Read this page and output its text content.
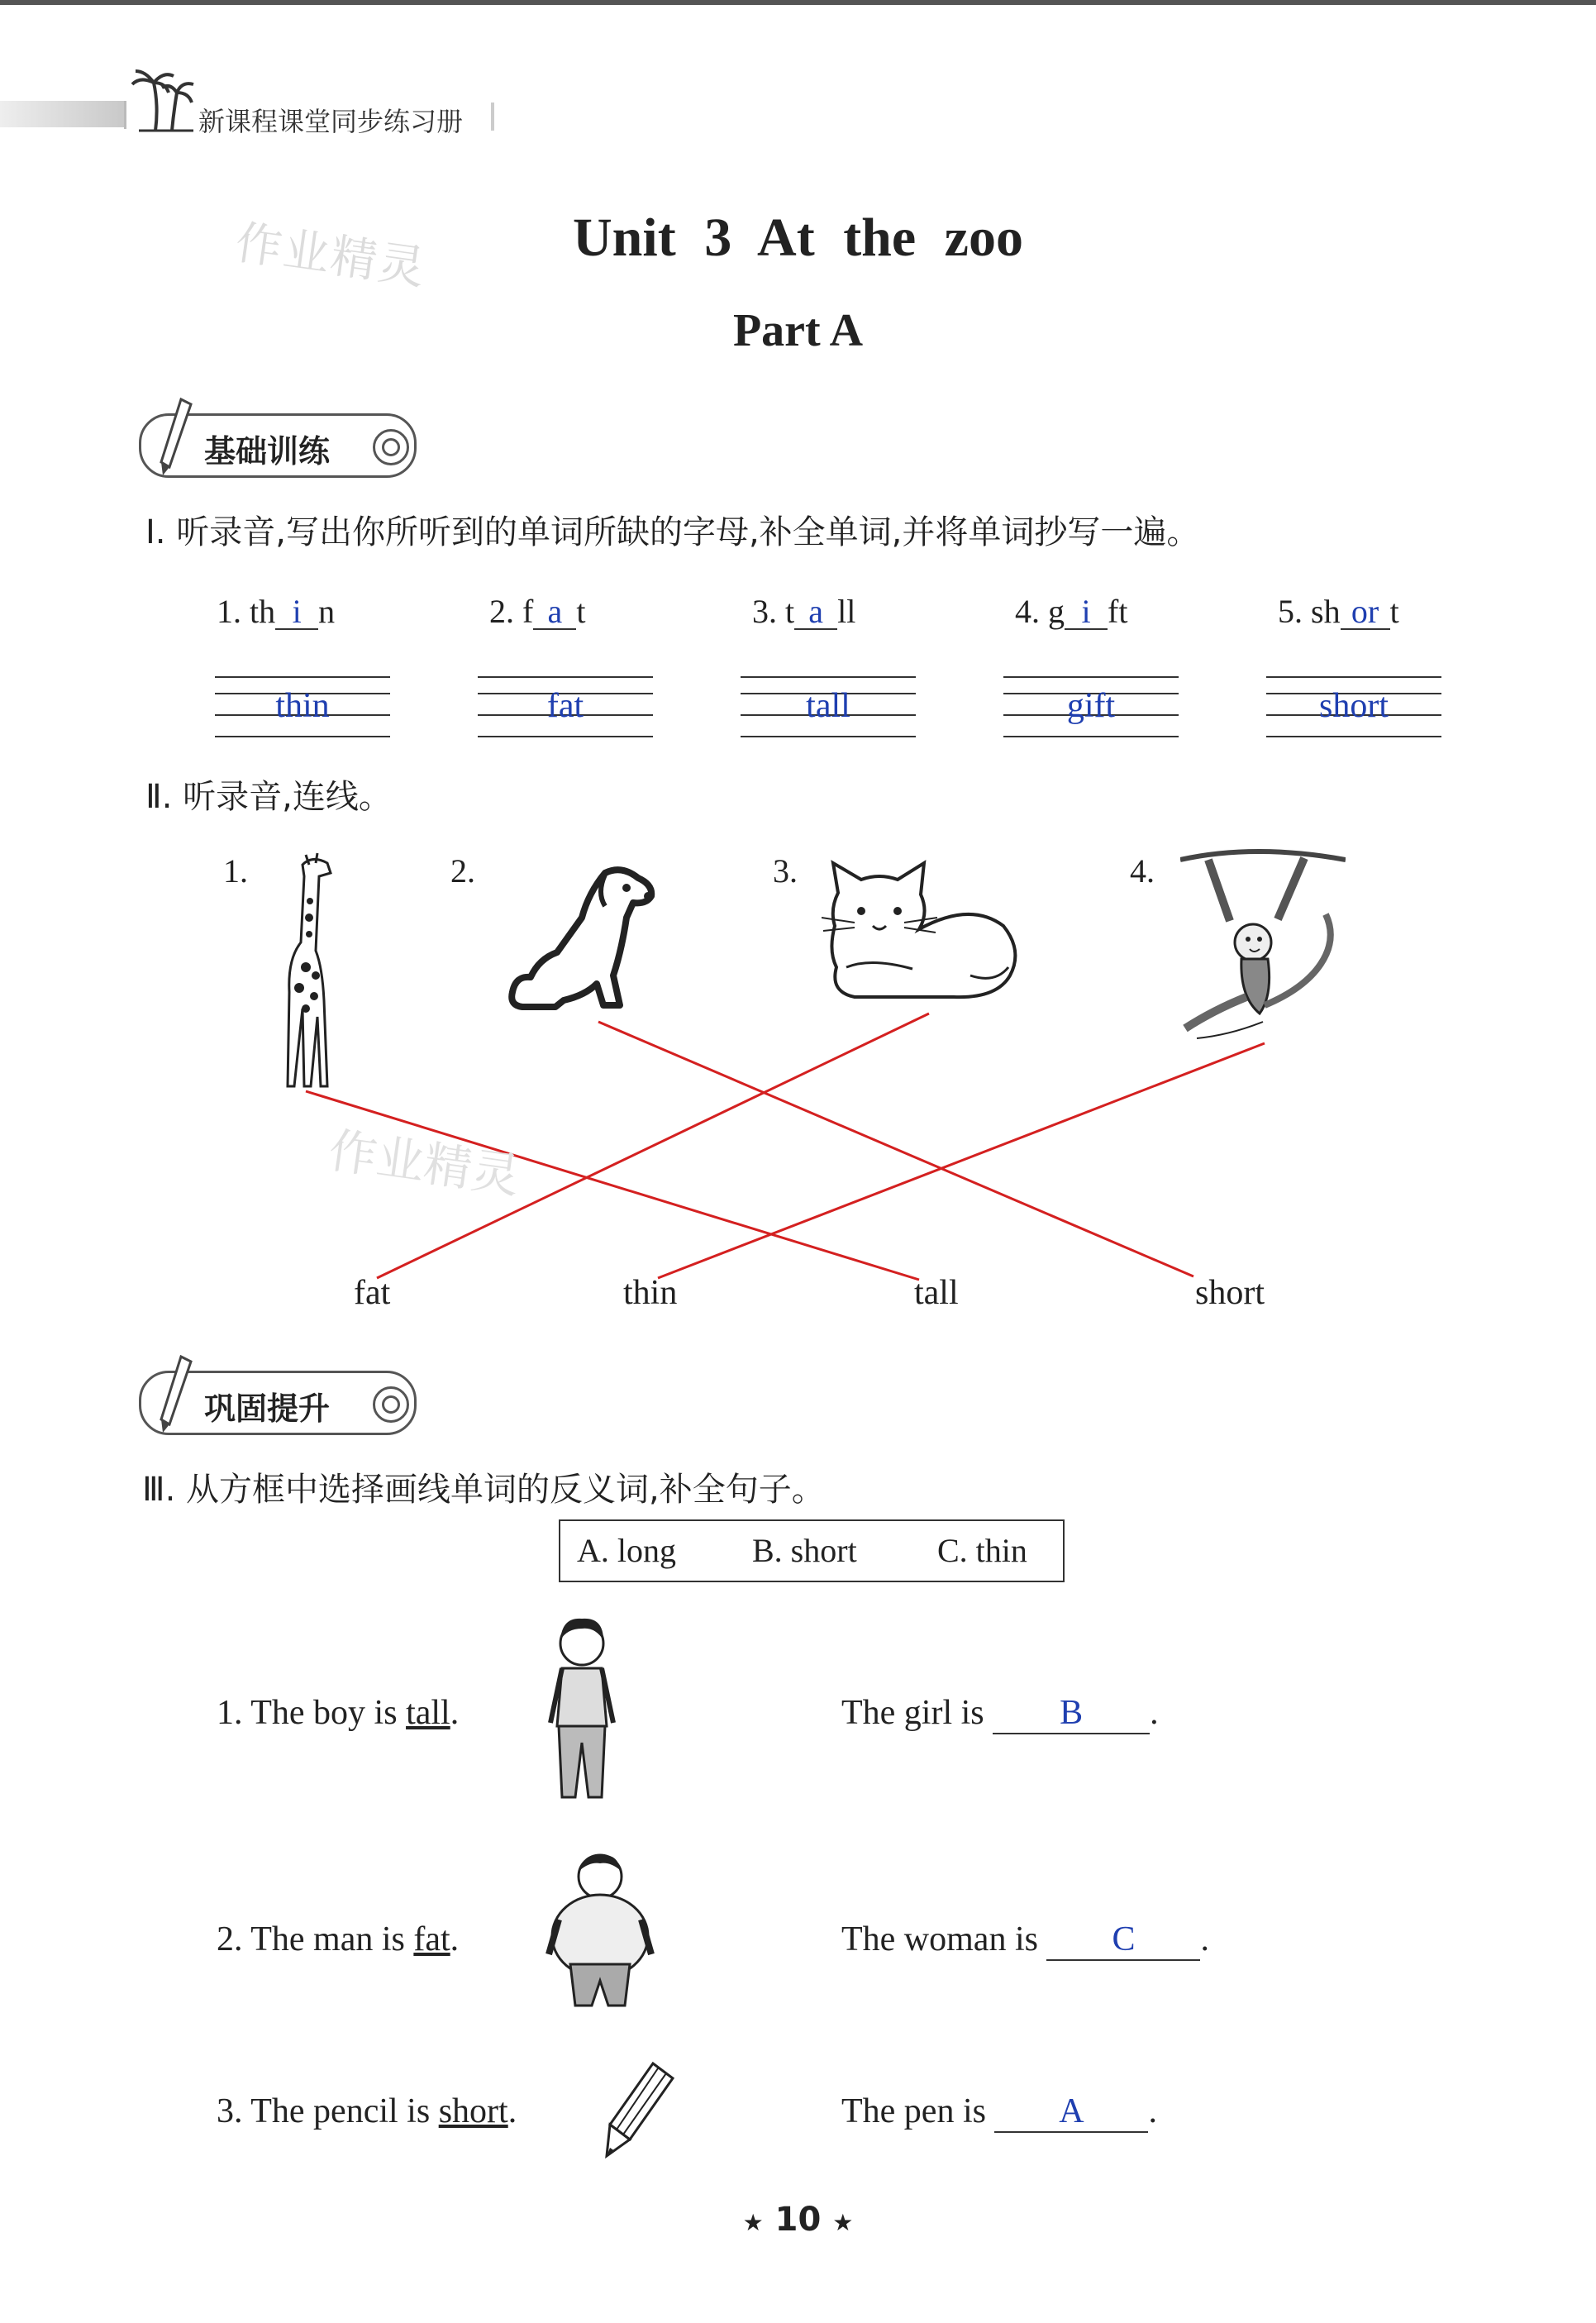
新课程课堂同步练习册
作业精灵	Unit 3 At the zoo
Part A
基础训练
Ⅰ. 听录音,写出你所听到的单词所缺的字母,补全单词,并将单词抄写一遍。
1. th i n	2. f a t	3. t a ll	4. g i ft	5. sh or t
thin	fat	tall	gift	short
Ⅱ. 听录音,连线。
1.	2.	3.	4.
作业精灵
fat	thin	tall	short
巩固提升
Ⅲ. 从方框中选择画线单词的反义词,补全句子。
A. long B. short C. thin
1. The boy is tall.	The girl is B .
2. The man is fat.	The woman is C .
3. The pencil is short.	The pen is A .
★ 10 ★
